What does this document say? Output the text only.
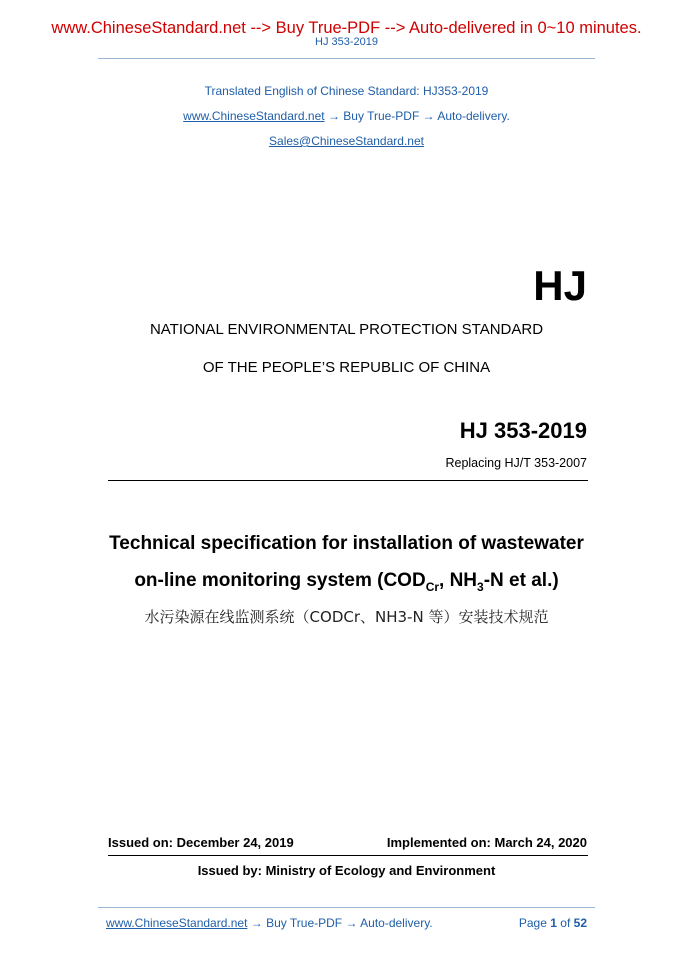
www.ChineseStandard.net --> Buy True-PDF --> Auto-delivered in 0~10 minutes.
HJ 353-2019
Translated English of Chinese Standard: HJ353-2019
www.ChineseStandard.net → Buy True-PDF → Auto-delivery.
Sales@ChineseStandard.net
HJ
NATIONAL ENVIRONMENTAL PROTECTION STANDARD
OF THE PEOPLE’S REPUBLIC OF CHINA
HJ 353-2019
Replacing HJ/T 353-2007
Technical specification for installation of wastewater
on-line monitoring system ($COD_{Cr}$, $NH_3-N$ et al.)
水污染源在线监测系统（CODCr、NH3-N 等）安装技术规范
Issued on: December 24, 2019	Implemented on: March 24, 2020
Issued by: Ministry of Ecology and Environment
www.ChineseStandard.net → Buy True-PDF → Auto-delivery.	Page 1 of 52
